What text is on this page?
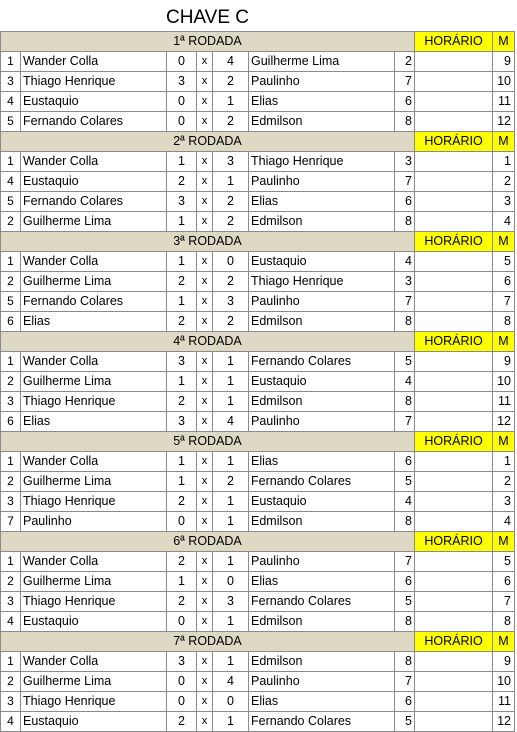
CHAVE C
1ª RODADA							HORÁRIO	M
1	Wander Colla	0	x	4	Guilherme Lima	2		9
3	Thiago Henrique	3	x	2	Paulinho	7		10
4	Eustaquio	0	x	1	Elias	6		11
5	Fernando Colares	0	x	2	Edmilson	8		12
2ª RODADA							HORÁRIO	M
1	Wander Colla	1	x	3	Thiago Henrique	3		1
4	Eustaquio	2	x	1	Paulinho	7		2
5	Fernando Colares	3	x	2	Elias	6		3
2	Guilherme Lima	1	x	2	Edmilson	8		4
3ª RODADA							HORÁRIO	M
1	Wander Colla	1	x	0	Eustaquio	4		5
2	Guilherme Lima	2	x	2	Thiago Henrique	3		6
5	Fernando Colares	1	x	3	Paulinho	7		7
6	Elias	2	x	2	Edmilson	8		8
4ª RODADA							HORÁRIO	M
1	Wander Colla	3	x	1	Fernando Colares	5		9
2	Guilherme Lima	1	x	1	Eustaquio	4		10
3	Thiago Henrique	2	x	1	Edmilson	8		11
6	Elias	3	x	4	Paulinho	7		12
5ª RODADA							HORÁRIO	M
1	Wander Colla	1	x	1	Elias	6		1
2	Guilherme Lima	1	x	2	Fernando Colares	5		2
3	Thiago Henrique	2	x	1	Eustaquio	4		3
7	Paulinho	0	x	1	Edmilson	8		4
6ª RODADA							HORÁRIO	M
1	Wander Colla	2	x	1	Paulinho	7		5
2	Guilherme Lima	1	x	0	Elias	6		6
3	Thiago Henrique	2	x	3	Fernando Colares	5		7
4	Eustaquio	0	x	1	Edmilson	8		8
7ª RODADA							HORÁRIO	M
1	Wander Colla	3	x	1	Edmilson	8		9
2	Guilherme Lima	0	x	4	Paulinho	7		10
3	Thiago Henrique	0	x	0	Elias	6		11
4	Eustaquio	2	x	1	Fernando Colares	5		12
